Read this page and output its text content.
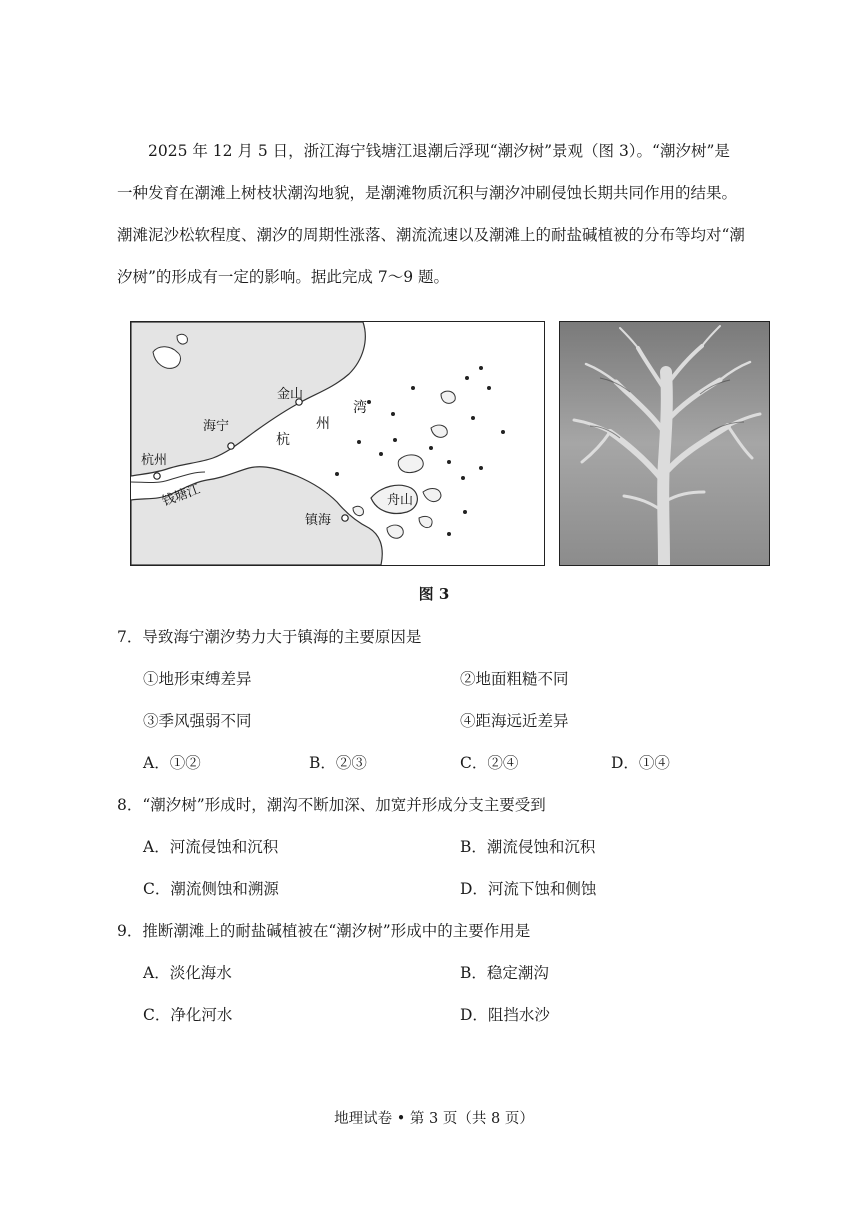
2025 年 12 月 5 日，浙江海宁钱塘江退潮后浮现“潮汐树”景观（图 3）。“潮汐树”是

一种发育在潮滩上树枝状潮沟地貌，是潮滩物质沉积与潮汐冲刷侵蚀长期共同作用的结果。

潮滩泥沙松软程度、潮汐的周期性涨落、潮流流速以及潮滩上的耐盐碱植被的分布等均对“潮

汐树”的形成有一定的影响。据此完成 7～9 题。

金山
海宁
杭州
钱塘江
杭
州
湾
舟山
镇海
图 3
7．导致海宁潮汐势力大于镇海的主要原因是
①地形束缚差异	②地面粗糙不同
③季风强弱不同	④距海远近差异
A．①②	B．②③	C．②④	D．①④
8．“潮汐树”形成时，潮沟不断加深、加宽并形成分支主要受到
A．河流侵蚀和沉积	B．潮流侵蚀和沉积
C．潮流侧蚀和溯源	D．河流下蚀和侧蚀
9．推断潮滩上的耐盐碱植被在“潮汐树”形成中的主要作用是
A．淡化海水	B．稳定潮沟
C．净化河水	D．阻挡水沙
地理试卷 • 第 3 页（共 8 页）
